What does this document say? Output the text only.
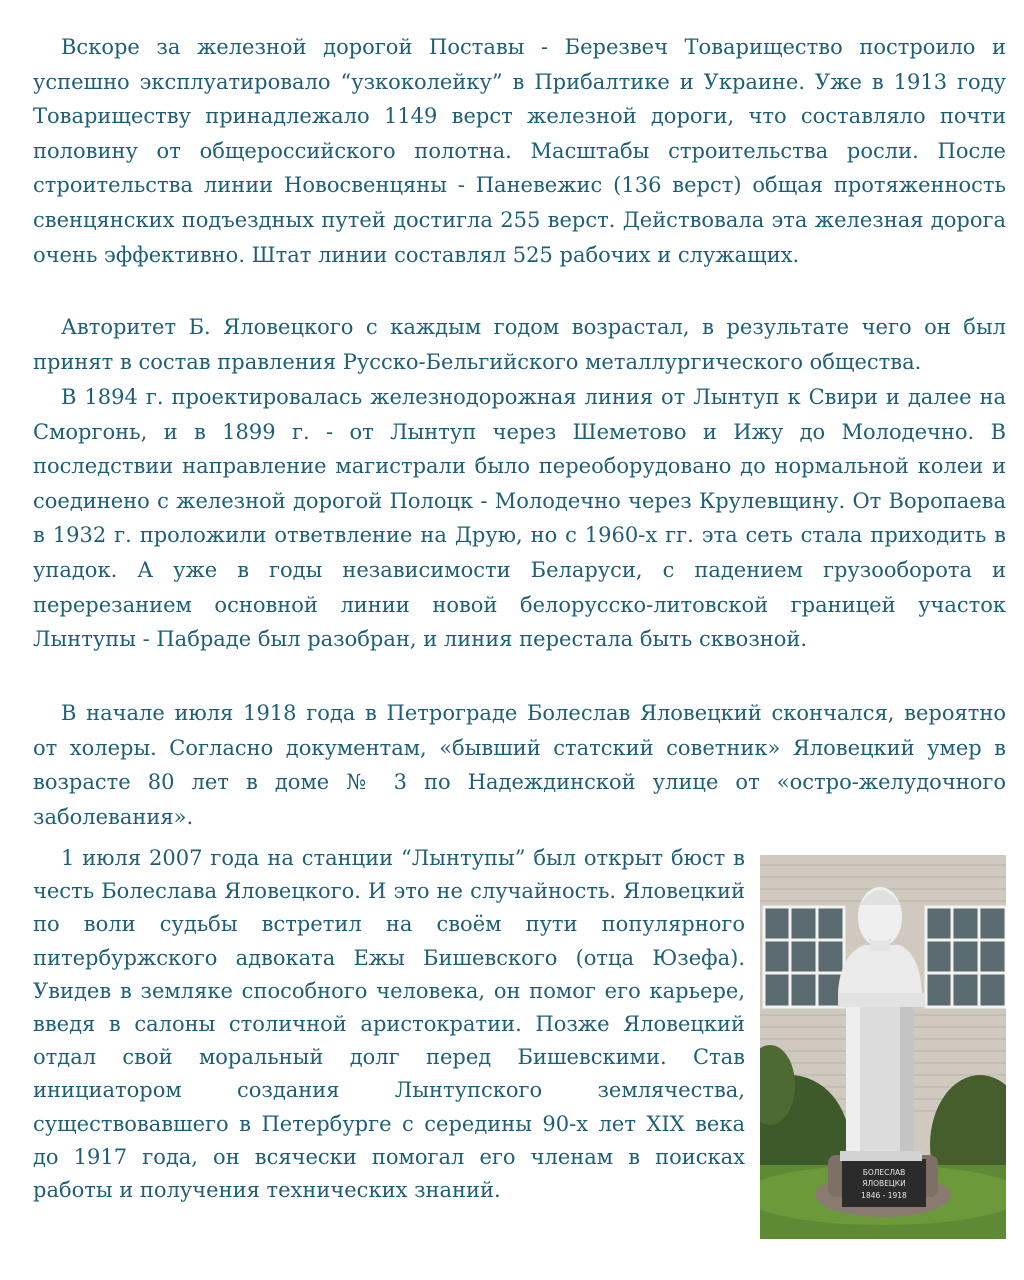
Вскоре за железной дорогой Поставы - Березвеч Товарищество построило и успешно эксплуатировало “узкоколейку” в Прибалтике и Украине. Уже в 1913 году Товариществу принадлежало 1149 верст железной дороги, что составляло почти половину от общероссийского полотна. Масштабы строительства росли. После строительства линии Новосвенцяны - Паневежис (136 верст) общая протяженность свенцянских подъездных путей достигла 255 верст. Действовала эта железная дорога очень эффективно. Штат линии составлял 525 рабочих и служащих.

Авторитет Б. Яловецкого с каждым годом возрастал, в результате чего он был принят в состав правления Русско-Бельгийского металлургического общества.

В 1894 г. проектировалась железнодорожная линия от Лынтуп к Свири и далее на Сморгонь, и в 1899 г. - от Лынтуп через Шеметово и Ижу до Молодечно. В последствии направление магистрали было переоборудовано до нормальной колеи и соединено с железной дорогой Полоцк - Молодечно через Крулевщину. От Воропаева в 1932 г. проложили ответвление на Друю, но с 1960-х гг. эта сеть стала приходить в упадок. А уже в годы независимости Беларуси, с падением грузооборота и перерезанием основной линии новой белорусско-литовской границей участок Лынтупы - Пабраде был разобран, и линия перестала быть сквозной.

В начале июля 1918 года в Петрограде Болеслав Яловецкий скончался, вероятно от холеры. Согласно документам, «бывший статский советник» Яловецкий умер в возрасте 80 лет в доме № 3 по Надеждинской улице от «остро-желудочного заболевания».

1 июля 2007 года на станции “Лынтупы” был открыт бюст в честь Болеслава Яловецкого. И это не случайность. Яловецкий по воли судьбы встретил на своём пути популярного питербуржского адвоката Ежы Бишевского (отца Юзефа). Увидев в земляке способного человека, он помог его карьере, введя в салоны столичной аристократии. Позже Яловецкий отдал свой моральный долг перед Бишевскими. Став инициатором создания Лынтупского землячества, существовавшего в Петербурге с середины 90-х лет XIX века до 1917 года, он всячески помогал его членам в поисках работы и получения технических знаний.

БОЛЕСЛАВ
ЯЛОВЕЦКИ
1846 - 1918
